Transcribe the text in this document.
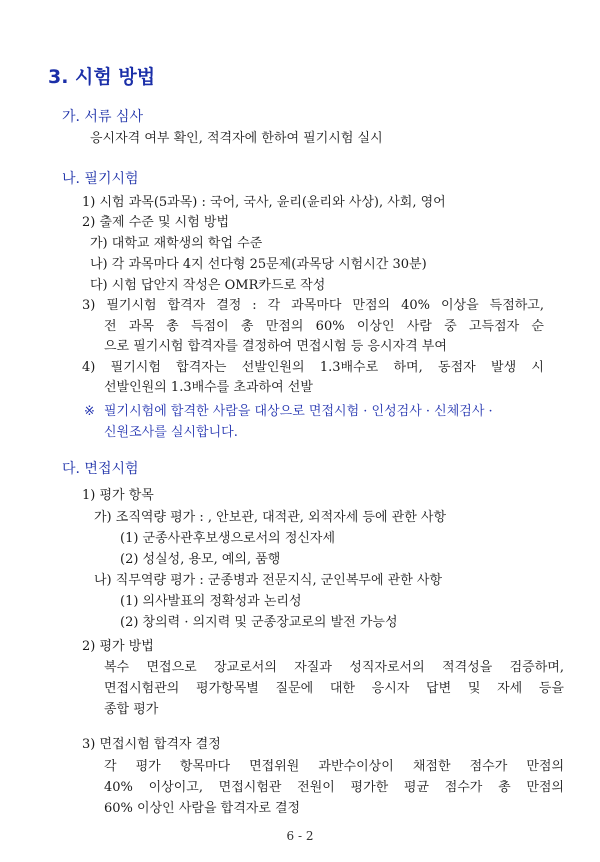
3. 시험 방법
가. 서류 심사
응시자격 여부 확인, 적격자에 한하여 필기시험 실시
나. 필기시험
1) 시험 과목(5과목) : 국어, 국사, 윤리(윤리와 사상), 사회, 영어
2) 출제 수준 및 시험 방법
가) 대학교 재학생의 학업 수준
나) 각 과목마다 4지 선다형 25문제(과목당 시험시간 30분)
다) 시험 답안지 작성은 OMR카드로 작성
3) 필기시험 합격자 결정 : 각 과목마다 만점의 40% 이상을 득점하고,
전 과목 총 득점이 총 만점의 60% 이상인 사람 중 고득점자 순
으로 필기시험 합격자를 결정하여 면접시험 등 응시자격 부여
4) 필기시험 합격자는 선발인원의 1.3배수로 하며, 동점자 발생 시
선발인원의 1.3배수를 초과하여 선발
※ 필기시험에 합격한 사람을 대상으로 면접시험 · 인성검사 · 신체검사 ·
신원조사를 실시합니다.
다. 면접시험
1) 평가 항목
가) 조직역량 평가 : , 안보관, 대적관, 외적자세 등에 관한 사항
(1) 군종사관후보생으로서의 정신자세
(2) 성실성, 용모, 예의, 품행
나) 직무역량 평가 : 군종병과 전문지식, 군인복무에 관한 사항
(1) 의사발표의 정확성과 논리성
(2) 창의력 · 의지력 및 군종장교로의 발전 가능성
2) 평가 방법
복수 면접으로 장교로서의 자질과 성직자로서의 적격성을 검증하며,
면접시험관의 평가항목별 질문에 대한 응시자 답변 및 자세 등을
종합 평가
3) 면접시험 합격자 결정
각 평가 항목마다 면접위원 과반수이상이 채점한 점수가 만점의
40% 이상이고, 면접시험관 전원이 평가한 평균 점수가 총 만점의
60% 이상인 사람을 합격자로 결정
6 - 2
